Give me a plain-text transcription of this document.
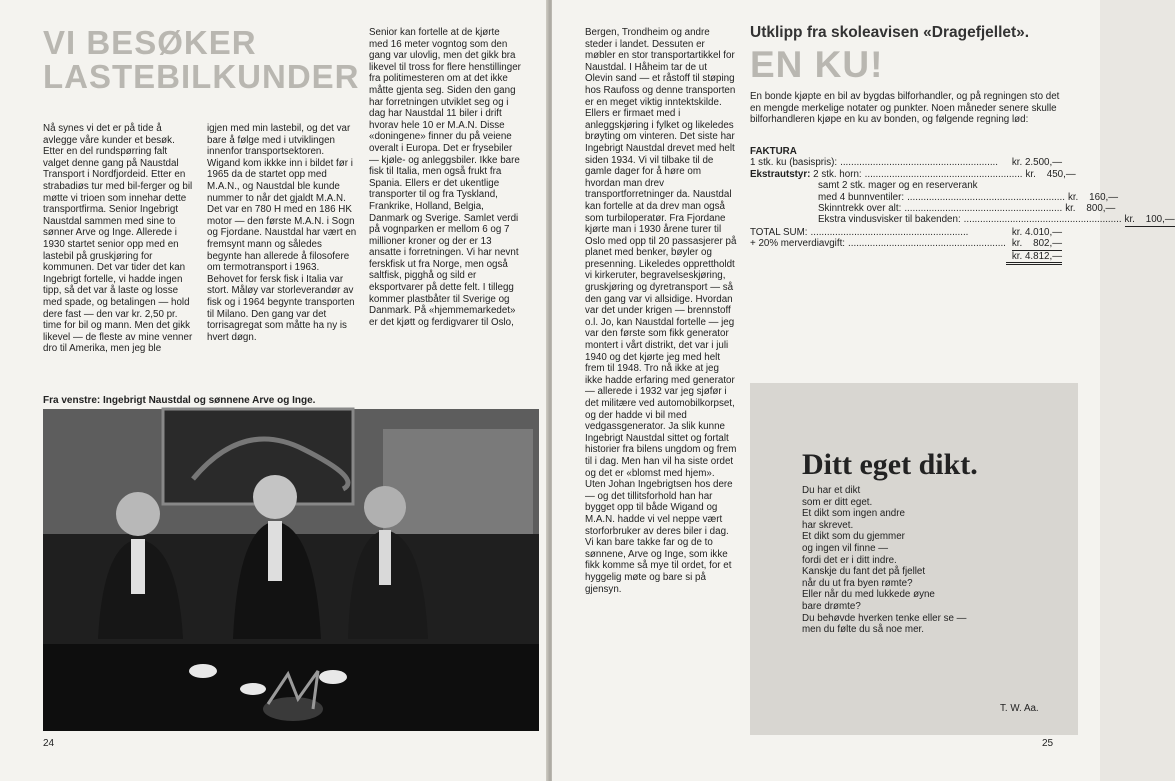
VI BESØKER
LASTEBILKUNDER

Nå synes vi det er på tide å avlegge våre kunder et besøk. Etter en del rundspørring falt valget denne gang på Naustdal Transport i Nordfjordeid. Etter en strabadiøs tur med bil-ferger og bil møtte vi trioen som innehar dette transportfirma. Senior Ingebrigt Naustdal sammen med sine to sønner Arve og Inge. Allerede i 1930 startet senior opp med en lastebil på gruskjøring for kommunen. Det var tider det kan Ingebrigt fortelle, vi hadde ingen tipp, så det var å laste og losse med spade, og betalingen — hold dere fast — den var kr. 2,50 pr. time for bil og mann. Men det gikk likevel — de fleste av mine venner dro til Amerika, men jeg ble

igjen med min lastebil, og det var bare å følge med i utviklingen innenfor transportsektoren. Wigand kom ikkke inn i bildet før i 1965 da de startet opp med M.A.N., og Naustdal ble kunde nummer to når det gjaldt M.A.N. Det var en 780 H med en 186 HK motor — den første M.A.N. i Sogn og Fjordane. Naustdal har vært en fremsynt mann og således begynte han allerede å filosofere om termotransport i 1963. Behovet for fersk fisk i Italia var stort. Måløy var storleverandør av fisk og i 1964 begynte transporten til Milano. Den gang var det torrisagregat som måtte ha ny is hvert døgn.

Senior kan fortelle at de kjørte med 16 meter vogntog som den gang var ulovlig, men det gikk bra likevel til tross for flere henstillinger fra politimesteren om at det ikke måtte gjenta seg. Siden den gang har forretningen utviklet seg og i dag har Naustdal 11 biler i drift hvorav hele 10 er M.A.N. Disse «doningene» finner du på veiene overalt i Europa. Det er frysebiler — kjøle- og anleggsbiler. Ikke bare fisk til Italia, men også frukt fra Spania. Ellers er det ukentlige transporter til og fra Tyskland, Frankrike, Holland, Belgia, Danmark og Sverige. Samlet verdi på vognparken er mellom 6 og 7 millioner kroner og der er 13 ansatte i forretningen. Vi har nevnt ferskfisk ut fra Norge, men også saltfisk, pigghå og sild er eksportvarer på dette felt. I tillegg kommer plastbåter til Sverige og Danmark. På «hjemmemarkedet» er det kjøtt og ferdigvarer til Oslo,

Fra venstre: Ingebrigt Naustdal og sønnene Arve og Inge.
24

Bergen, Trondheim og andre steder i landet. Dessuten er møbler en stor transportartikkel for Naustdal. I Håheim tar de ut Olevin sand — et råstoff til støping hos Raufoss og denne transporten er en meget viktig inntektskilde. Ellers er firmaet med i anleggskjøring i fylket og likeledes brøyting om vinteren. Det siste har Ingebrigt Naustdal drevet med helt siden 1934. Vi vil tilbake til de gamle dager for å høre om hvordan man drev transportforretninger da. Naustdal kan fortelle at da drev man også som turbiloperatør. Fra Fjordane kjørte man i 1930 årene turer til Oslo med opp til 20 passasjerer på planet med benker, bøyler og presenning. Likeledes opprettholdt vi kirkeruter, begravelseskjøring, gruskjøring og dyretransport — så den gang var vi allsidige. Hvordan var det under krigen — brennstoff o.l. Jo, kan Naustdal fortelle — jeg var den første som fikk generator montert i vårt distrikt, det var i juli 1940 og det kjørte jeg med helt frem til 1948. Tro nå ikke at jeg ikke hadde erfaring med generator — allerede i 1932 var jeg sjøfør i det militære ved automobilkorpset, og der hadde vi bil med vedgassgenerator. Ja slik kunne Ingebrigt Naustdal sittet og fortalt historier fra bilens ungdom og frem til i dag. Men han vil ha siste ordet og det er «blomst med hjem». Uten Johan Ingebrigtsen hos dere — og det tillitsforhold han har bygget opp til både Wigand og M.A.N. hadde vi vel neppe vært storforbruker av deres biler i dag. Vi kan bare takke far og de to sønnene, Arve og Inge, som ikke fikk komme så mye til ordet, for et hyggelig møte og bare si på gjensyn.

Utklipp fra skoleavisen «Dragefjellet».
EN KU!

En bonde kjøpte en bil av bygdas bilforhandler, og på regningen sto det en mengde merkelige notater og punkter. Noen måneder senere skulle bilforhandleren kjøpe en ku av bonden, og følgende regning lød:

FAKTURA
1 stk. ku (basispris): ..........................................................	kr. 2.500,—
Ekstrautstyr: 2 stk. horn: .......................................................... kr.    450,—
samt 2 stk. mager og en reserverank
med 4 bunnventiler: .......................................................... kr.    160,—
Skinntrekk over alt: .......................................................... kr.    800,—
Ekstra vindusvisker til bakenden: .......................................................... kr.    100,—
TOTAL SUM: ..........................................................	kr. 4.010,—
+ 20% merverdiavgift: .......................................................... kr.    802,—
kr. 4.812,—
Ditt eget dikt.
Du har et dikt
som er ditt eget.
Et dikt som ingen andre
har skrevet.
Et dikt som du gjemmer
og ingen vil finne —
fordi det er i ditt indre.
Kanskje du fant det på fjellet
når du ut fra byen rømte?
Eller når du med lukkede øyne
bare drømte?
Du behøvde hverken tenke eller se —
men du følte du så noe mer.
T. W. Aa.
25
